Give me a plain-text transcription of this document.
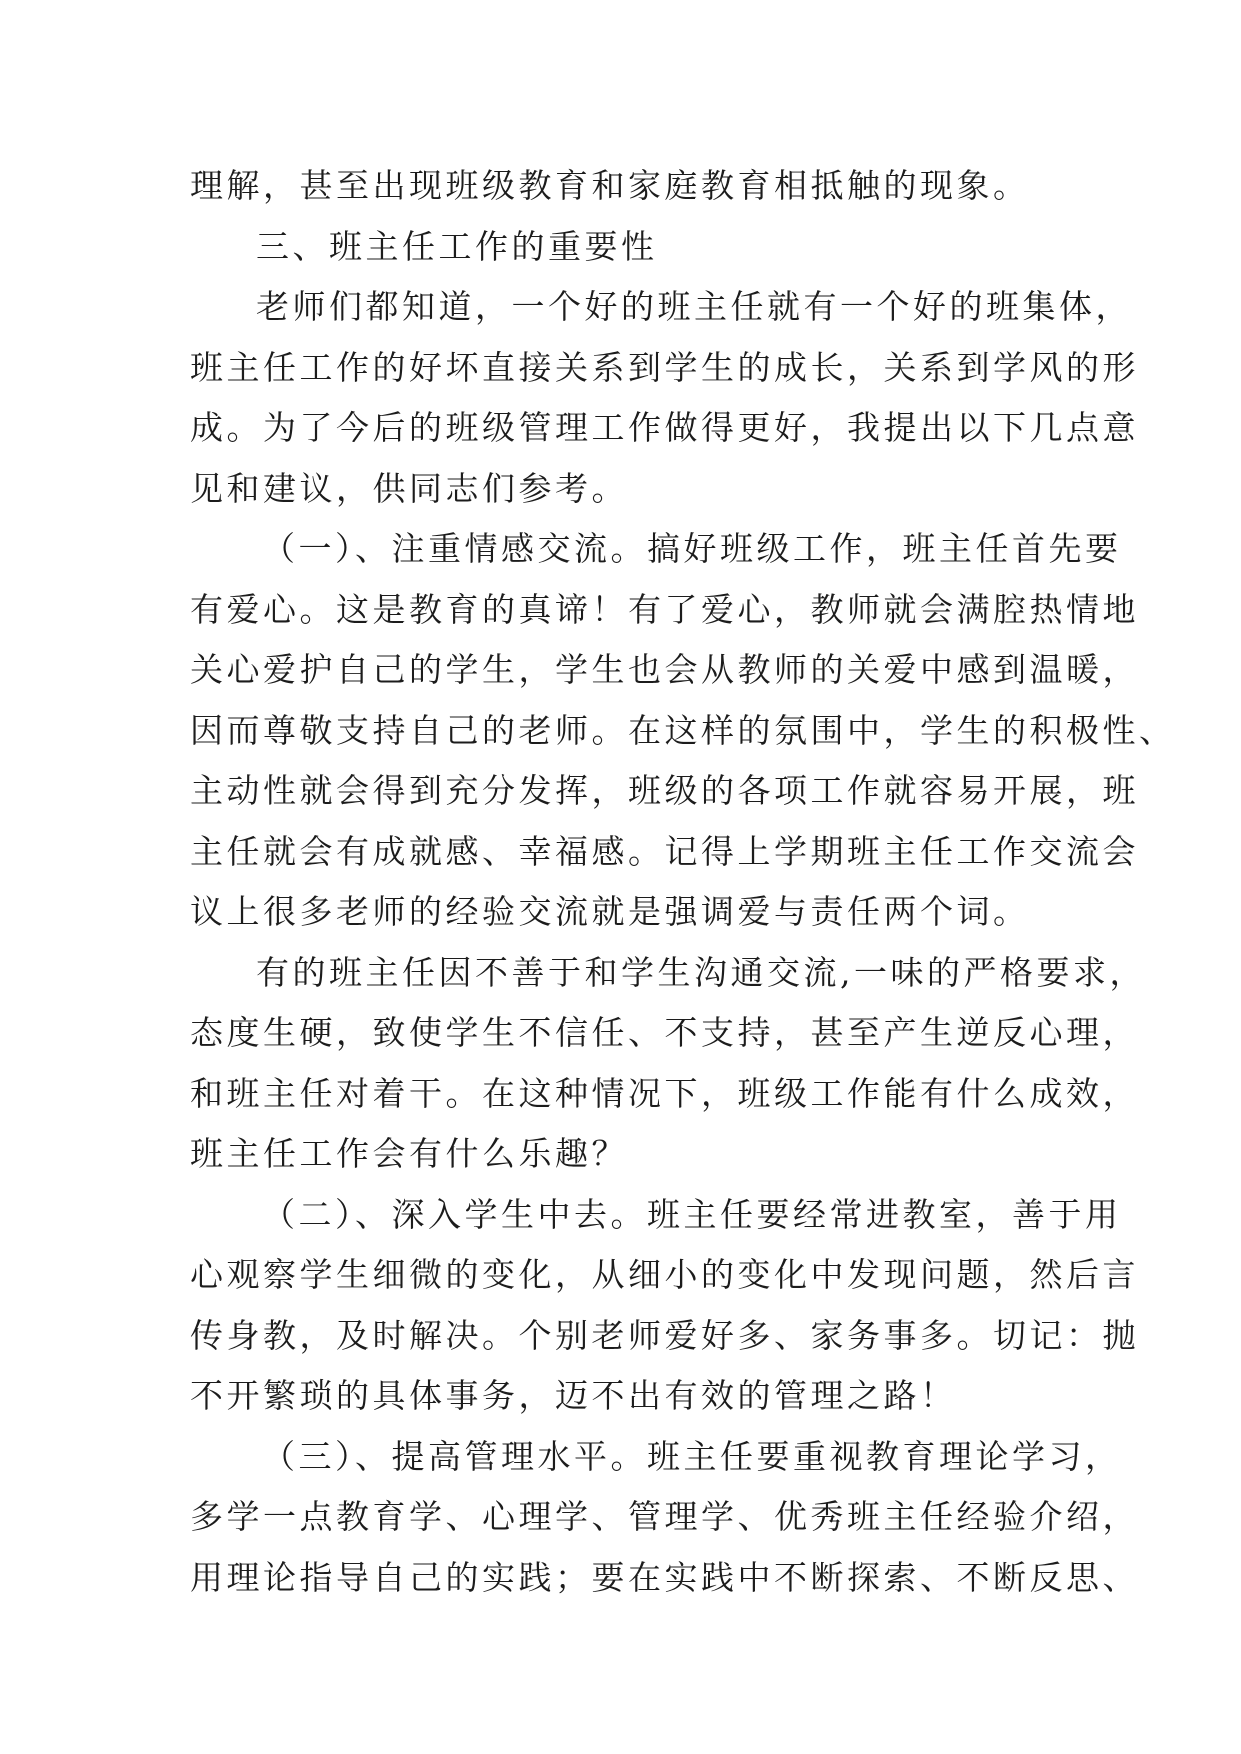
理解，甚至出现班级教育和家庭教育相抵触的现象。
三、班主任工作的重要性
老师们都知道，一个好的班主任就有一个好的班集体，
班主任工作的好坏直接关系到学生的成长，关系到学风的形
成。为了今后的班级管理工作做得更好，我提出以下几点意
见和建议，供同志们参考。
（一）、注重情感交流。搞好班级工作，班主任首先要
有爱心。这是教育的真谛！有了爱心，教师就会满腔热情地
关心爱护自己的学生，学生也会从教师的关爱中感到温暖，
因而尊敬支持自己的老师。在这样的氛围中，学生的积极性、
主动性就会得到充分发挥，班级的各项工作就容易开展，班
主任就会有成就感、幸福感。记得上学期班主任工作交流会
议上很多老师的经验交流就是强调爱与责任两个词。
有的班主任因不善于和学生沟通交流,一味的严格要求，
态度生硬，致使学生不信任、不支持，甚至产生逆反心理，
和班主任对着干。在这种情况下，班级工作能有什么成效，
班主任工作会有什么乐趣？
（二）、深入学生中去。班主任要经常进教室，善于用
心观察学生细微的变化，从细小的变化中发现问题，然后言
传身教，及时解决。个别老师爱好多、家务事多。切记：抛
不开繁琐的具体事务，迈不出有效的管理之路！
（三）、提高管理水平。班主任要重视教育理论学习，
多学一点教育学、心理学、管理学、优秀班主任经验介绍，
用理论指导自己的实践；要在实践中不断探索、不断反思、
